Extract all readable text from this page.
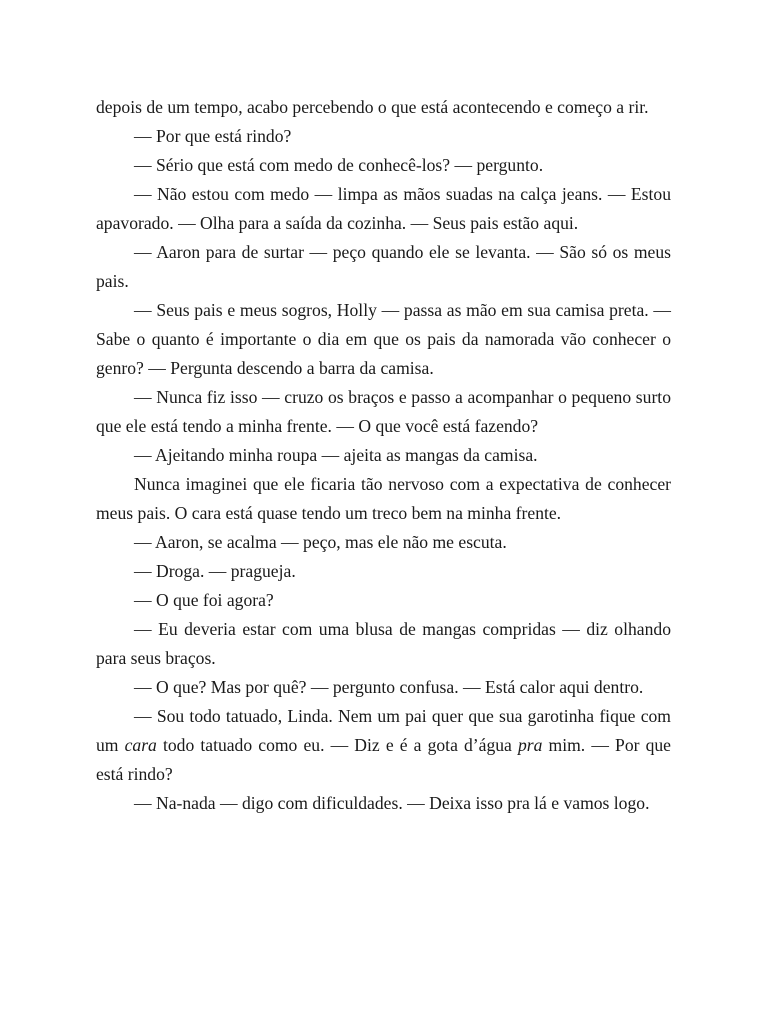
depois de um tempo, acabo percebendo o que está acontecendo e começo a rir.

— Por que está rindo?

— Sério que está com medo de conhecê-los? — pergunto.

— Não estou com medo — limpa as mãos suadas na calça jeans. — Estou apavorado. — Olha para a saída da cozinha. — Seus pais estão aqui.

— Aaron para de surtar — peço quando ele se levanta. — São só os meus pais.

— Seus pais e meus sogros, Holly — passa as mão em sua camisa preta. — Sabe o quanto é importante o dia em que os pais da namorada vão conhecer o genro? — Pergunta descendo a barra da camisa.

— Nunca fiz isso — cruzo os braços e passo a acompanhar o pequeno surto que ele está tendo a minha frente. — O que você está fazendo?

— Ajeitando minha roupa — ajeita as mangas da camisa.

Nunca imaginei que ele ficaria tão nervoso com a expectativa de conhecer meus pais. O cara está quase tendo um treco bem na minha frente.

— Aaron, se acalma — peço, mas ele não me escuta.

— Droga. — pragueja.

— O que foi agora?

— Eu deveria estar com uma blusa de mangas compridas — diz olhando para seus braços.

— O que? Mas por quê? — pergunto confusa. — Está calor aqui dentro.

— Sou todo tatuado, Linda. Nem um pai quer que sua garotinha fique com um cara todo tatuado como eu. — Diz e é a gota d’água pra mim. — Por que está rindo?

— Na-nada — digo com dificuldades. — Deixa isso pra lá e vamos logo.
